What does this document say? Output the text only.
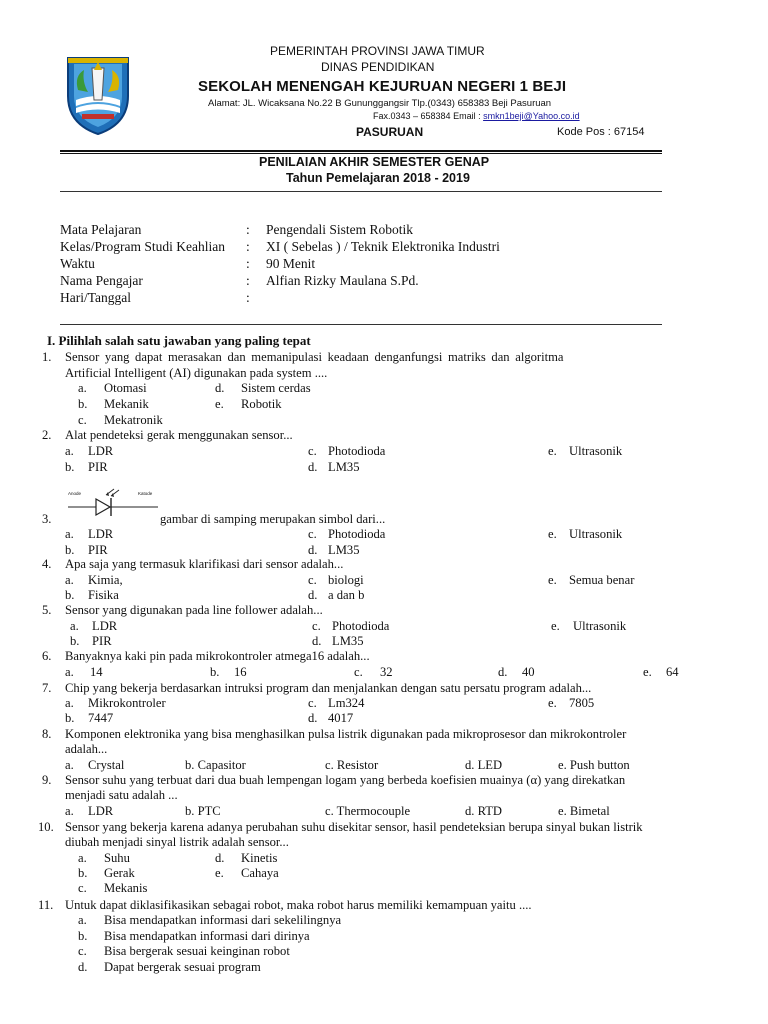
PEMERINTAH PROVINSI JAWA TIMUR
DINAS PENDIDIKAN
SEKOLAH MENENGAH KEJURUAN NEGERI 1 BEJI
Alamat: JL. Wicaksana No.22 B Gununggangsir Tlp.(0343) 658383 Beji Pasuruan
Fax.0343 – 658384 Email : smkn1beji@Yahoo.co.id
PASURUAN	Kode Pos : 67154
PENILAIAN AKHIR SEMESTER GENAP
Tahun Pemelajaran 2018 - 2019
Mata Pelajaran	: Pengendali Sistem Robotik
Kelas/Program Studi Keahlian : XI ( Sebelas ) / Teknik Elektronika Industri
Waktu	: 90 Menit
Nama Pengajar	: Alfian Rizky Maulana S.Pd.
Hari/Tanggal	:
I. Pilihlah salah satu jawaban yang paling tepat
1. Sensor yang dapat merasakan dan memanipulasi keadaan denganfungsi matriks dan algoritma
Artificial Intelligent (AI) digunakan pada system ....
a. Otomasi	d. Sistem cerdas
b. Mekanik	e. Robotik
c. Mekatronik
2. Alat pendeteksi gerak menggunakan sensor...
a. LDR	c. Photodioda	e. Ultrasonik
b. PIR	d. LM35
Anode	Katode
3.	gambar di samping merupakan simbol dari...
a. LDR	c. Photodioda	e. Ultrasonik
b. PIR	d. LM35
4. Apa saja yang termasuk klarifikasi dari sensor adalah...
a. Kimia,	c. biologi	e. Semua benar
b. Fisika	d. a dan b
5. Sensor yang digunakan pada line follower adalah...
a. LDR	c. Photodioda	e. Ultrasonik
b. PIR	d. LM35
6. Banyaknya kaki pin pada mikrokontroler atmega16 adalah...
a. 14	b. 16	c. 32	d. 40	e. 64
7. Chip yang bekerja berdasarkan intruksi program dan menjalankan dengan satu persatu program adalah...
a. Mikrokontroler	c. Lm324	e. 7805
b. 7447	d. 4017
8. Komponen elektronika yang bisa menghasilkan pulsa listrik digunakan pada mikroprosesor dan mikrokontroler
adalah...
a. Crystal	b. Capasitor	c. Resistor	d. LED	e. Push button
9. Sensor suhu yang terbuat dari dua buah lempengan logam yang berbeda koefisien muainya (α) yang direkatkan
menjadi satu adalah ...
a. LDR	b. PTC	c. Thermocouple	d. RTD	e. Bimetal
10. Sensor yang bekerja karena adanya perubahan suhu disekitar sensor, hasil pendeteksian berupa sinyal bukan listrik
diubah menjadi sinyal listrik adalah sensor...
a. Suhu	d. Kinetis
b. Gerak	e. Cahaya
c. Mekanis
11. Untuk dapat diklasifikasikan sebagai robot, maka robot harus memiliki kemampuan yaitu ....
a. Bisa mendapatkan informasi dari sekelilingnya
b. Bisa mendapatkan informasi dari dirinya
c. Bisa bergerak sesuai keinginan robot
d. Dapat bergerak sesuai program
